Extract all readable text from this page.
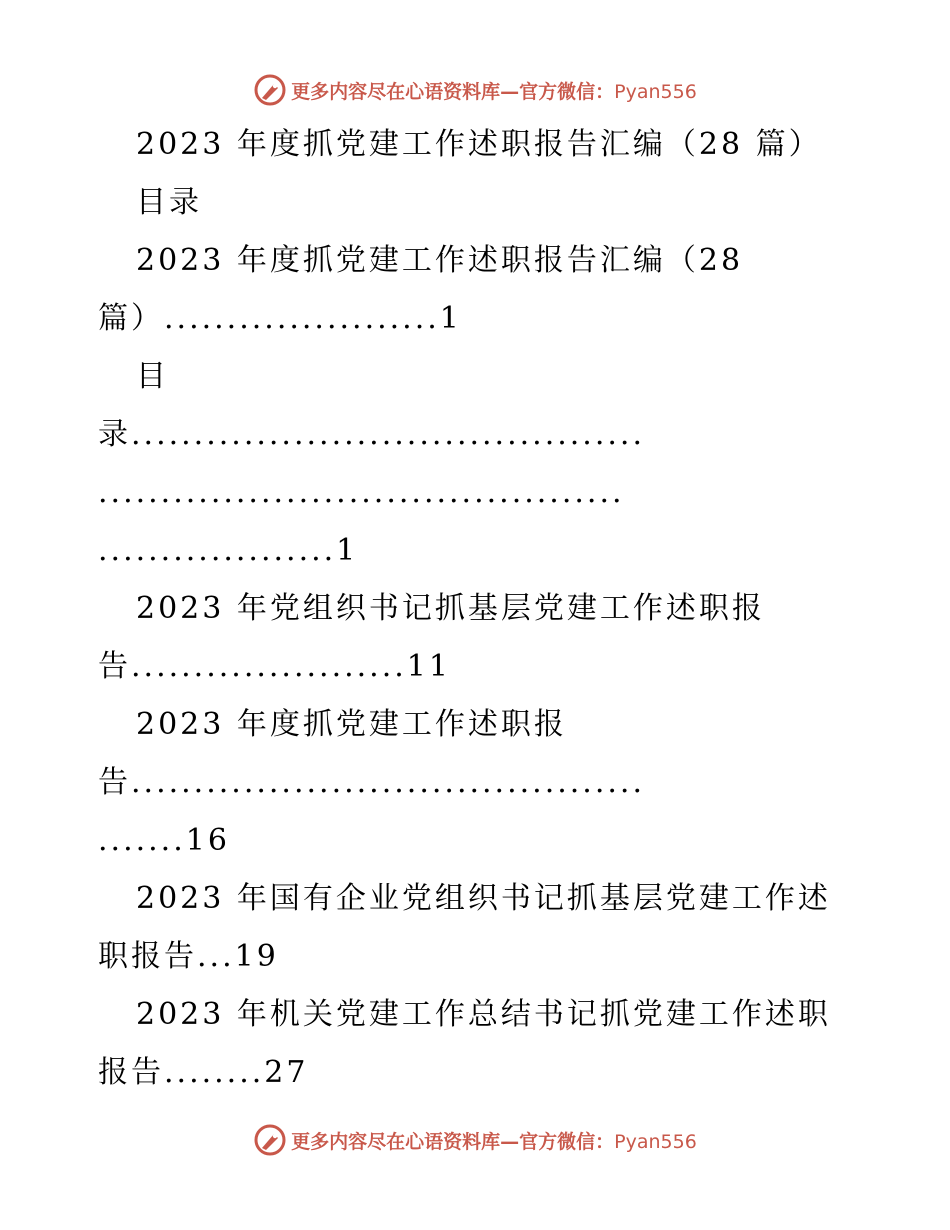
更多内容尽在心语资料库—官方微信：Pyan556
2023 年度抓党建工作述职报告汇编（28 篇）
目录
2023 年度抓党建工作述职报告汇编（28
篇）......................1
目
录.........................................
..........................................
...................1
2023 年党组织书记抓基层党建工作述职报
告......................11
2023 年度抓党建工作述职报
告.........................................
.......16
2023 年国有企业党组织书记抓基层党建工作述
职报告...19
2023 年机关党建工作总结书记抓党建工作述职
报告........27
更多内容尽在心语资料库—官方微信：Pyan556
